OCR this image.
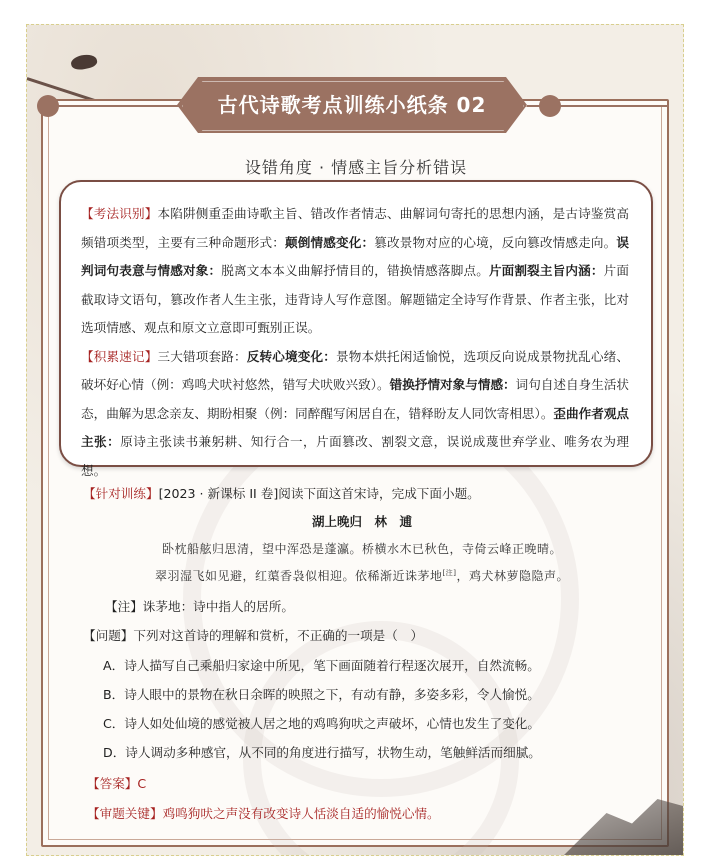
古代诗歌考点训练小纸条 02
设错角度 · 情感主旨分析错误

【考法识别】本陷阱侧重歪曲诗歌主旨、错改作者情志、曲解词句寄托的思想内涵，是古诗鉴赏高频错项类型，主要有三种命题形式：颠倒情感变化：篡改景物对应的心境，反向篡改情感走向。误判词句表意与情感对象：脱离文本本义曲解抒情目的，错换情感落脚点。片面割裂主旨内涵：片面截取诗文语句，篡改作者人生主张，违背诗人写作意图。解题锚定全诗写作背景、作者主张，比对选项情感、观点和原文立意即可甄别正误。

【积累速记】三大错项套路：反转心境变化：景物本烘托闲适愉悦，选项反向说成景物扰乱心绪、破坏好心情（例：鸡鸣犬吠衬悠然，错写犬吠败兴致）。错换抒情对象与情感：词句自述自身生活状态，曲解为思念亲友、期盼相聚（例：同醉醒写闲居自在，错释盼友人同饮寄相思）。歪曲作者观点主张：原诗主张读书兼躬耕、知行合一，片面篡改、割裂文意，误说成蔑世弃学业、唯务农为理想。

【针对训练】[2023 · 新课标 II 卷]阅读下面这首宋诗，完成下面小题。
湖上晚归　林　逋
卧枕船舷归思清，望中浑恐是蓬瀛。桥横水木已秋色，寺倚云峰正晚晴。
翠羽湿飞如见避，红蕖香袅似相迎。依稀渐近诛茅地[注]，鸡犬林萝隐隐声。
【注】诛茅地：诗中指人的居所。
【问题】下列对这首诗的理解和赏析，不正确的一项是（　）
A．诗人描写自己乘船归家途中所见，笔下画面随着行程逐次展开，自然流畅。
B．诗人眼中的景物在秋日余晖的映照之下，有动有静，多姿多彩，令人愉悦。
C．诗人如处仙境的感觉被人居之地的鸡鸣狗吠之声破坏，心情也发生了变化。
D．诗人调动多种感官，从不同的角度进行描写，状物生动，笔触鲜活而细腻。
【答案】C
【审题关键】鸡鸣狗吠之声没有改变诗人恬淡自适的愉悦心情。
